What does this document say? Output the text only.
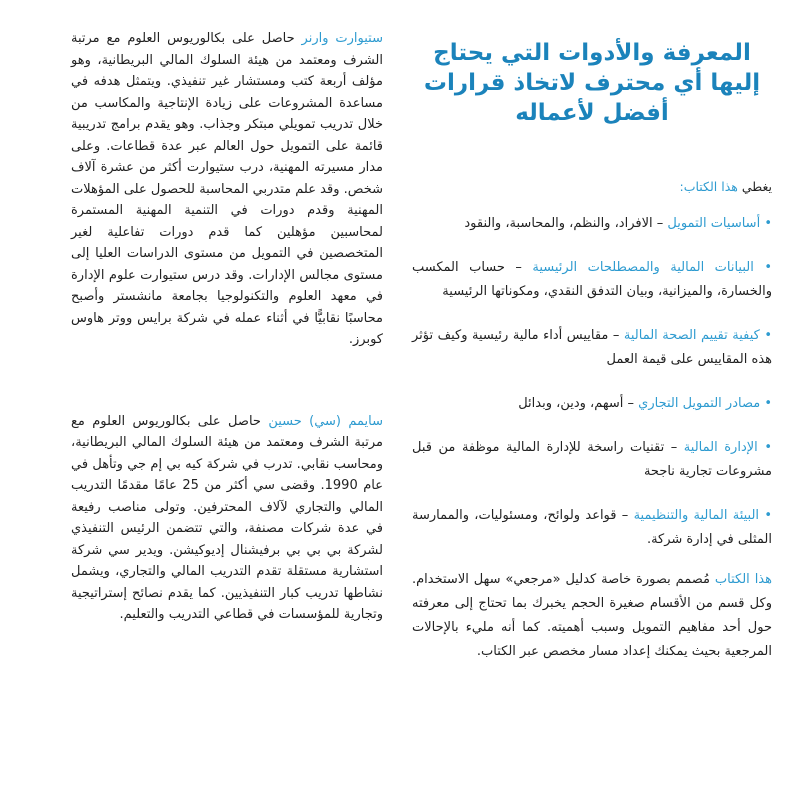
المعرفة والأدوات التي يحتاج إليها أي محترف لاتخاذ قرارات أفضل لأعماله

يغطي هذا الكتاب:

• أساسيات التمويل – الافراد، والنظم، والمحاسبة، والنقود
• البيانات المالية والمصطلحات الرئيسية – حساب المكسب والخسارة، والميزانية، وبيان التدفق النقدي، ومكوناتها الرئيسية
• كيفية تقييم الصحة المالية – مقاييس أداء مالية رئيسية وكيف تؤثر هذه المقاييس على قيمة العمل
• مصادر التمويل التجاري – أسهم، ودين، وبدائل
• الإدارة المالية – تقنيات راسخة للإدارة المالية موظفة من قبل مشروعات تجارية ناجحة
• البيئة المالية والتنظيمية – قواعد ولوائح، ومسئوليات، والممارسة المثلى في إدارة شركة.

هذا الكتاب مُصمم بصورة خاصة كدليل «مرجعي» سهل الاستخدام. وكل قسم من الأقسام صغيرة الحجم يخبرك بما تحتاج إلى معرفته حول أحد مفاهيم التمويل وسبب أهميته. كما أنه مليء بالإحالات المرجعية بحيث يمكنك إعداد مسار مخصص عبر الكتاب.

ستيوارت وارنر حاصل على بكالوريوس العلوم مع مرتبة الشرف ومعتمد من هيئة السلوك المالي البريطانية، وهو مؤلف أربعة كتب ومستشار غير تنفيذي. ويتمثل هدفه في مساعدة المشروعات على زيادة الإنتاجية والمكاسب من خلال تدريب تمويلي مبتكر وجذاب. وهو يقدم برامج تدريبية قائمة على التمويل حول العالم عبر عدة قطاعات. وعلى مدار مسيرته المهنية، درب ستيوارت أكثر من عشرة آلاف شخص. وقد علم متدربي المحاسبة للحصول على المؤهلات المهنية وقدم دورات في التنمية المهنية المستمرة لمحاسبين مؤهلين كما قدم دورات تفاعلية لغير المتخصصين في التمويل من مستوى الدراسات العليا إلى مستوى مجالس الإدارات. وقد درس ستيوارت علوم الإدارة في معهد العلوم والتكنولوجيا بجامعة مانشستر وأصبح محاسبًا نقابيًّا في أثناء عمله في شركة برايس ووتر هاوس كوبرز.

سايمم (سي) حسين حاصل على بكالوريوس العلوم مع مرتبة الشرف ومعتمد من هيئة السلوك المالي البريطانية، ومحاسب نقابي. تدرب في شركة كيه بي إم جي وتأهل في عام 1990. وقضى سي أكثر من 25 عامًا مقدمًا التدريب المالي والتجاري لآلاف المحترفين. وتولى مناصب رفيعة في عدة شركات مصنفة، والتي تتضمن الرئيس التنفيذي لشركة بي بي بي برفيشنال إديوكيشن. ويدير سي شركة استشارية مستقلة تقدم التدريب المالي والتجاري، ويشمل نشاطها تدريب كبار التنفيذيين. كما يقدم نصائح إستراتيجية وتجارية للمؤسسات في قطاعي التدريب والتعليم.
